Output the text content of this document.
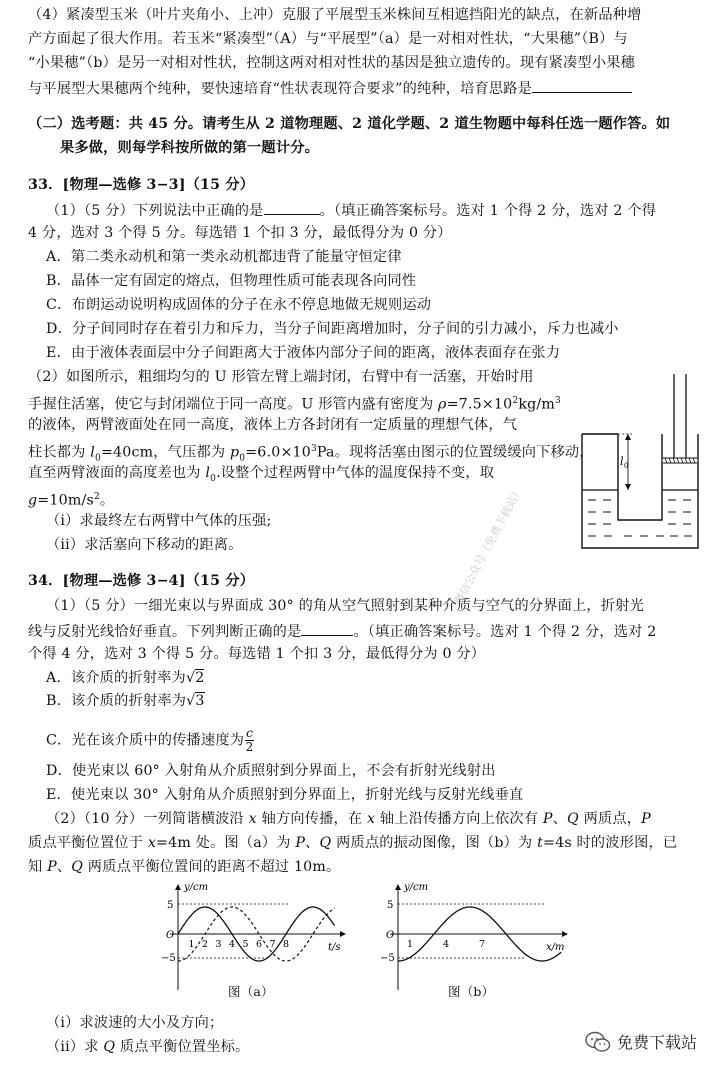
（4）紧凑型玉米（叶片夹角小、上冲）克服了平展型玉米株间互相遮挡阳光的缺点，在新品种增
产方面起了很大作用。若玉米“紧凑型”（A）与“平展型”（a）是一对相对性状，“大果穗”（B）与
“小果穗”（b）是另一对相对性状，控制这两对相对性状的基因是独立遗传的。现有紧凑型小果穗
与平展型大果穗两个纯种，要快速培育“性状表现符合要求”的纯种，培育思路是
（二）选考题：共 45 分。请考生从 2 道物理题、2 道化学题、2 道生物题中每科任选一题作答。如
果多做，则每学科按所做的第一题计分。
33．[物理—选修 3−3]（15 分）
（1）（5 分）下列说法中正确的是	。（填正确答案标号。选对 1 个得 2 分，选对 2 个得
4 分，选对 3 个得 5 分。每选错 1 个扣 3 分，最低得分为 0 分）
A．第二类永动机和第一类永动机都违背了能量守恒定律
B．晶体一定有固定的熔点，但物理性质可能表现各向同性
C．布朗运动说明构成固体的分子在永不停息地做无规则运动
D．分子间同时存在着引力和斥力，当分子间距离增加时，分子间的引力减小，斥力也减小
E．由于液体表面层中分子间距离大于液体内部分子间的距离，液体表面存在张力
（2）如图所示，粗细均匀的 U 形管左臂上端封闭，右臂中有一活塞，开始时用
手握住活塞，使它与封闭端位于同一高度。U 形管内盛有密度为 $\rho=7.5\times 10^2kg/m^3$
的液体，两臂液面处在同一高度，液体上方各封闭有一定质量的理想气体，气
柱长都为 $l_0=40cm$，气压都为 $p_0=6.0\times 10^3Pa$。现将活塞由图示的位置缓缓向下移动，
直至两臂液面的高度差也为 $l_0$.设整个过程两臂中气体的温度保持不变，取
$g=10m/s^2$。
（i）求最终左右两臂中气体的压强;
（ii）求活塞向下移动的距离。
l 0
34．[物理—选修 3−4]（15 分）
（1）（5 分）一细光束以与界面成 30° 的角从空气照射到某种介质与空气的分界面上，折射光
线与反射光线恰好垂直。下列判断正确的是	。（填正确答案标号。选对 1 个得 2 分，选对 2
个得 4 分，选对 3 个得 5 分。每选错 1 个扣 3 分，最低得分为 0 分）
A．该介质的折射率为√2
B．该介质的折射率为√3
C．光在该介质中的传播速度为 $\frac{c}{2}$
D．使光束以 60° 入射角从介质照射到分界面上，不会有折射光线射出
E．使光束以 30° 入射角从介质照射到分界面上，折射光线与反射光线垂直
（2）（10 分）一列简谐横波沿 x 轴方向传播，在 x 轴上沿传播方向上依次有 P、Q 两质点，P
质点平衡位置位于 x=4m 处。图（a）为 P、Q 两质点的振动图像，图（b）为 t=4s 时的波形图，已
知 P、Q 两质点平衡位置间的距离不超过 10m。
y/cm
t/s
O
5
−5
1 2 3 4 5 6 7 8
图（a）
y/cm
x/m
O
5
−5
1	4	7
图（b）
（i）求波速的大小及方向；
（ii）求 Q 质点平衡位置坐标。
微信公众号（免费下载站）
免费下载站
